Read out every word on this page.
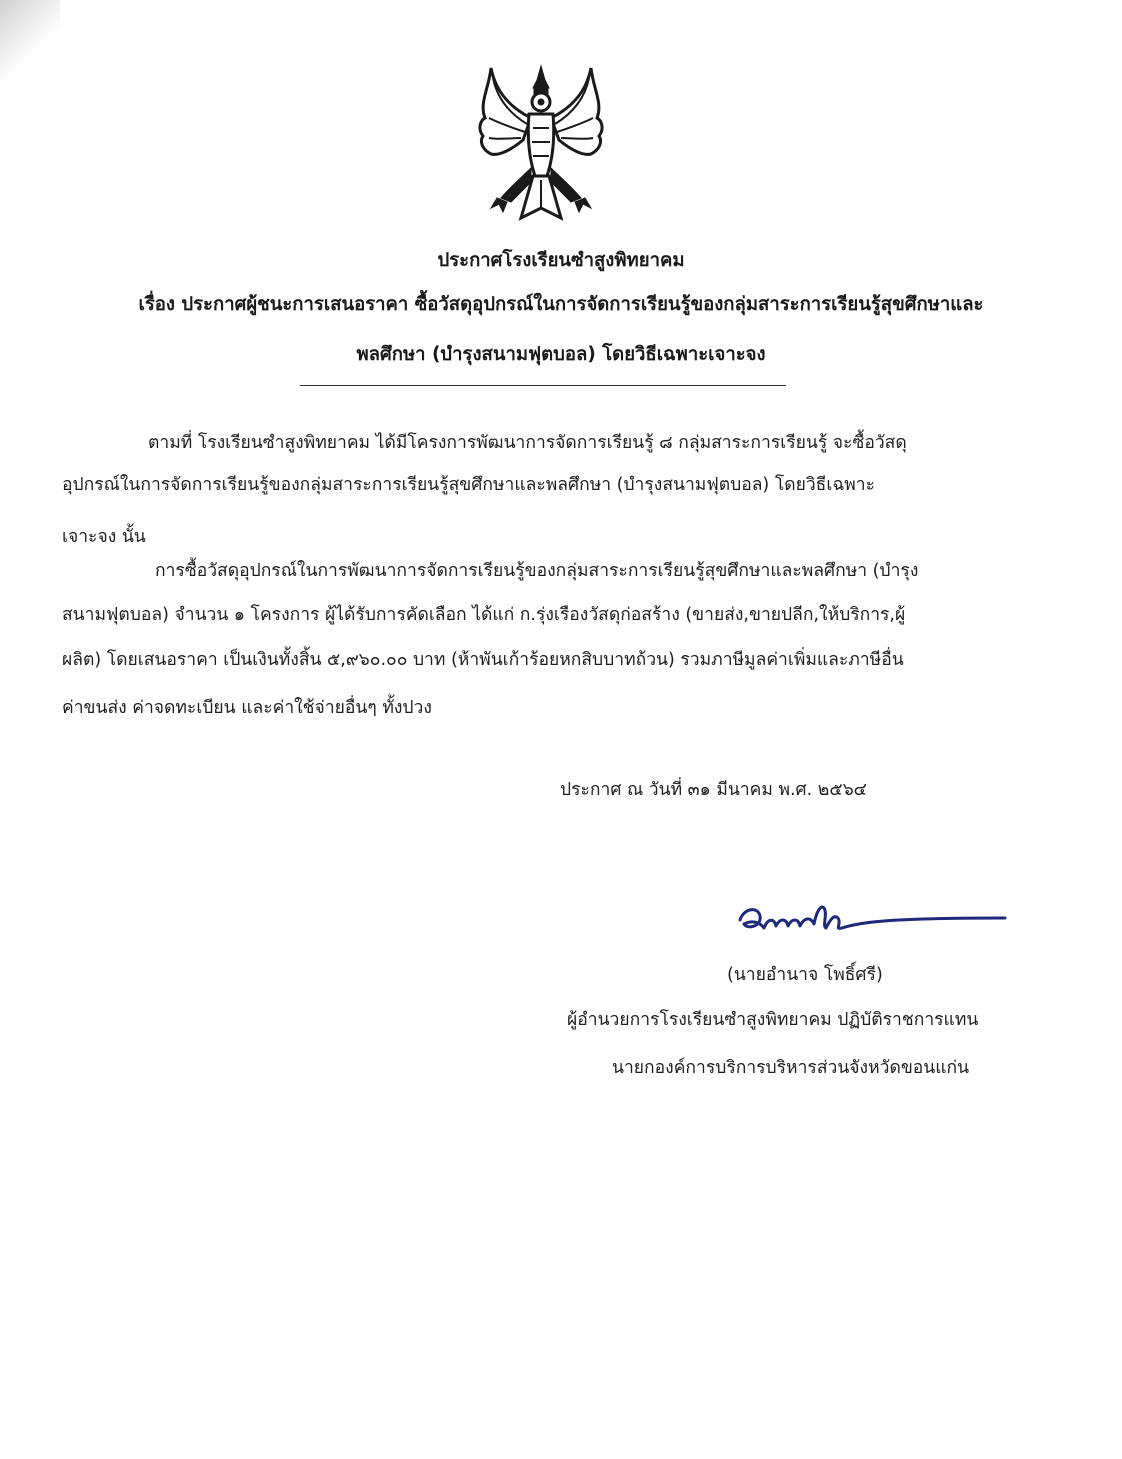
ประกาศโรงเรียนซำสูงพิทยาคม
เรื่อง ประกาศผู้ชนะการเสนอราคา ซื้อวัสดุอุปกรณ์ในการจัดการเรียนรู้ของกลุ่มสาระการเรียนรู้สุขศึกษาและ
พลศึกษา (บำรุงสนามฟุตบอล) โดยวิธีเฉพาะเจาะจง
ตามที่ โรงเรียนซำสูงพิทยาคม ได้มีโครงการพัฒนาการจัดการเรียนรู้ ๘ กลุ่มสาระการเรียนรู้ จะซื้อวัสดุ
อุปกรณ์ในการจัดการเรียนรู้ของกลุ่มสาระการเรียนรู้สุขศึกษาและพลศึกษา (บำรุงสนามฟุตบอล) โดยวิธีเฉพาะ
เจาะจง นั้น
การซื้อวัสดุอุปกรณ์ในการพัฒนาการจัดการเรียนรู้ของกลุ่มสาระการเรียนรู้สุขศึกษาและพลศึกษา (บำรุง
สนามฟุตบอล) จำนวน ๑ โครงการ ผู้ได้รับการคัดเลือก ได้แก่ ก.รุ่งเรืองวัสดุก่อสร้าง (ขายส่ง,ขายปลีก,ให้บริการ,ผู้
ผลิต) โดยเสนอราคา เป็นเงินทั้งสิ้น ๕,๙๖๐.๐๐ บาท (ห้าพันเก้าร้อยหกสิบบาทถ้วน) รวมภาษีมูลค่าเพิ่มและภาษีอื่น
ค่าขนส่ง ค่าจดทะเบียน และค่าใช้จ่ายอื่นๆ ทั้งปวง
ประกาศ ณ วันที่ ๓๑ มีนาคม พ.ศ. ๒๕๖๔
(นายอำนาจ โพธิ์ศรี)
ผู้อำนวยการโรงเรียนซำสูงพิทยาคม ปฏิบัติราชการแทน
นายกองค์การบริการบริหารส่วนจังหวัดขอนแก่น
